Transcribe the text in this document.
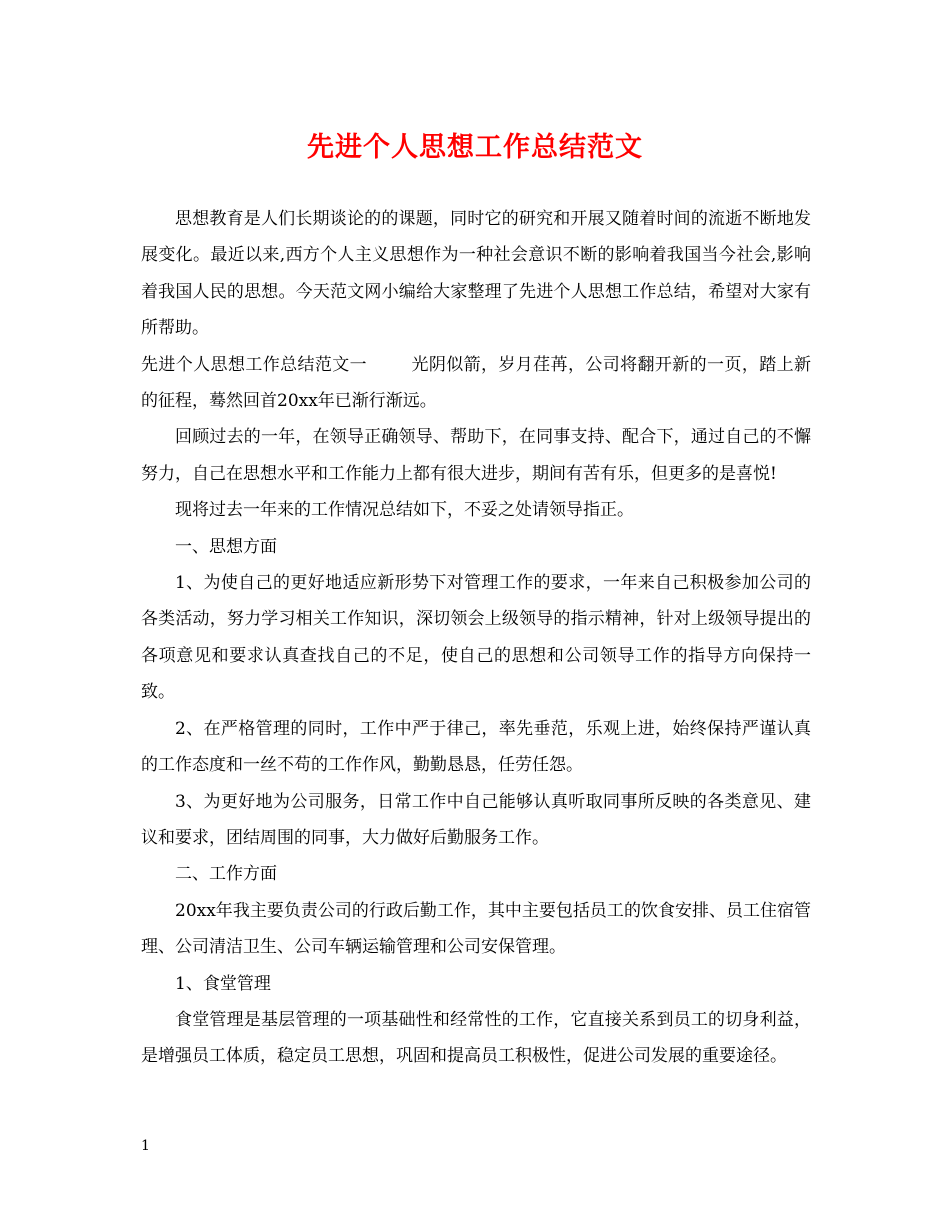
先进个人思想工作总结范文

思想教育是人们长期谈论的的课题，同时它的研究和开展又随着时间的流逝不断地发展变化。最近以来,西方个人主义思想作为一种社会意识不断的影响着我国当今社会,影响着我国人民的思想。今天范文网小编给大家整理了先进个人思想工作总结，希望对大家有所帮助。

先进个人思想工作总结范文一	光阴似箭，岁月荏苒，公司将翻开新的一页，踏上新的征程，蓦然回首20xx年已渐行渐远。

回顾过去的一年，在领导正确领导、帮助下，在同事支持、配合下，通过自己的不懈努力，自己在思想水平和工作能力上都有很大进步，期间有苦有乐，但更多的是喜悦!

现将过去一年来的工作情况总结如下，不妥之处请领导指正。

一、思想方面

1、为使自己的更好地适应新形势下对管理工作的要求，一年来自己积极参加公司的各类活动，努力学习相关工作知识，深切领会上级领导的指示精神，针对上级领导提出的各项意见和要求认真查找自己的不足，使自己的思想和公司领导工作的指导方向保持一致。

2、在严格管理的同时，工作中严于律己，率先垂范，乐观上进，始终保持严谨认真的工作态度和一丝不苟的工作作风，勤勤恳恳，任劳任怨。

3、为更好地为公司服务，日常工作中自己能够认真听取同事所反映的各类意见、建议和要求，团结周围的同事，大力做好后勤服务工作。

二、工作方面

20xx年我主要负责公司的行政后勤工作，其中主要包括员工的饮食安排、员工住宿管理、公司清洁卫生、公司车辆运输管理和公司安保管理。

1、食堂管理

食堂管理是基层管理的一项基础性和经常性的工作，它直接关系到员工的切身利益，是增强员工体质，稳定员工思想，巩固和提高员工积极性，促进公司发展的重要途径。

1
